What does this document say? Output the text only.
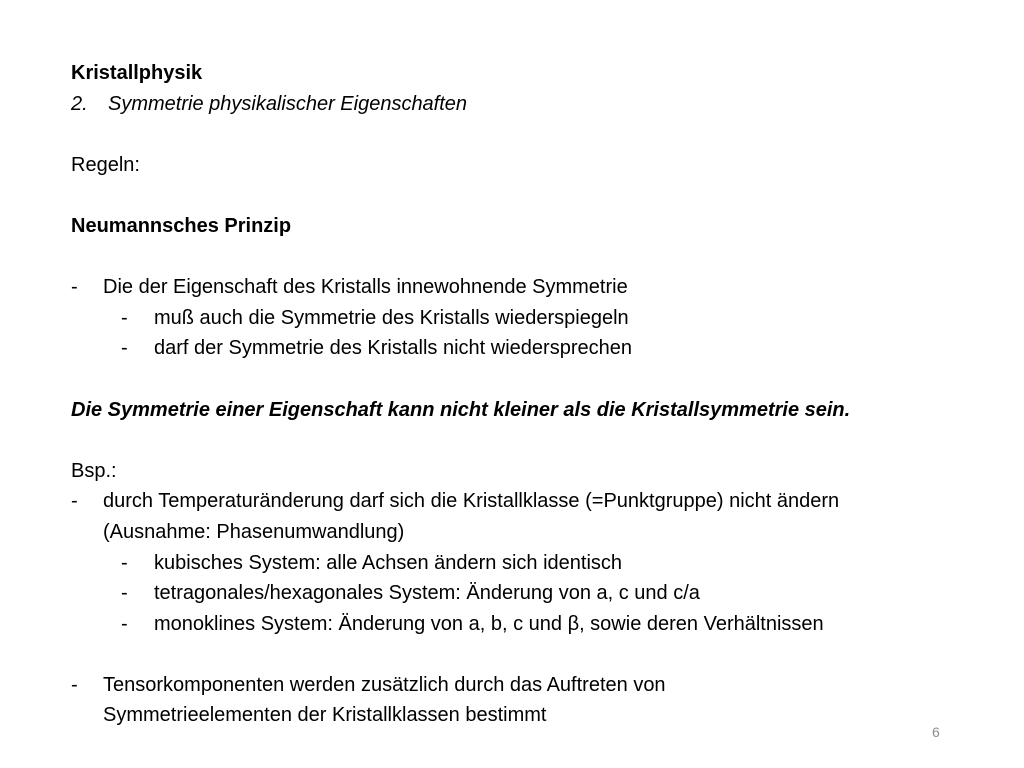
Kristallphysik

2. Symmetrie physikalischer Eigenschaften

Regeln:

Neumannsches Prinzip

- Die der Eigenschaft des Kristalls innewohnende Symmetrie

- muß auch die Symmetrie des Kristalls wiederspiegeln

- darf der Symmetrie des Kristalls nicht wiedersprechen

Die Symmetrie einer Eigenschaft kann nicht kleiner als die Kristallsymmetrie sein.

Bsp.:

- durch Temperaturänderung darf sich die Kristallklasse (=Punktgruppe) nicht ändern

(Ausnahme: Phasenumwandlung)

- kubisches System: alle Achsen ändern sich identisch

- tetragonales/hexagonales System: Änderung von a, c und c/a

- monoklines System: Änderung von a, b, c und β, sowie deren Verhältnissen

- Tensorkomponenten werden zusätzlich durch das Auftreten von

Symmetrieelementen der Kristallklassen bestimmt

6
